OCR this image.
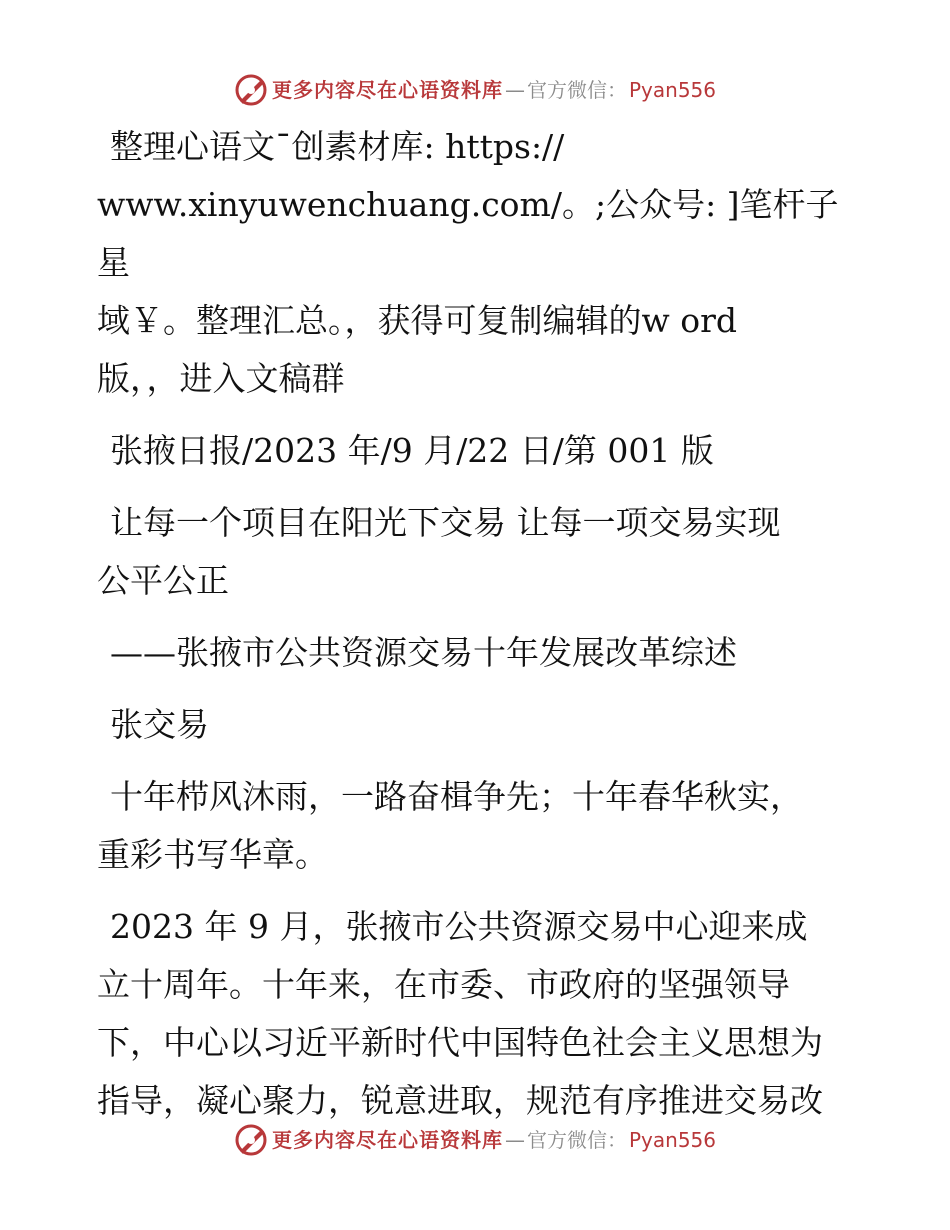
更多内容尽在心语资料库 — 官方微信： Pyan556
整理心语文¯创素材库: https://
www.xinyuwenchuang.com/。;公众号: ]笔杆子星
域￥。整理汇总。，获得可复制编辑的w ord
版，，进入文稿群
张掖日报/2023 年/9 月/22 日/第 001 版
让每一个项目在阳光下交易 让每一项交易实现
公平公正
——张掖市公共资源交易十年发展改革综述
张交易
十年栉风沐雨，一路奋楫争先；十年春华秋实，
重彩书写华章。
2023 年 9 月，张掖市公共资源交易中心迎来成
立十周年。十年来，在市委、市政府的坚强领导
下，中心以习近平新时代中国特色社会主义思想为
指导，凝心聚力，锐意进取，规范有序推进交易改
更多内容尽在心语资料库 — 官方微信： Pyan556
